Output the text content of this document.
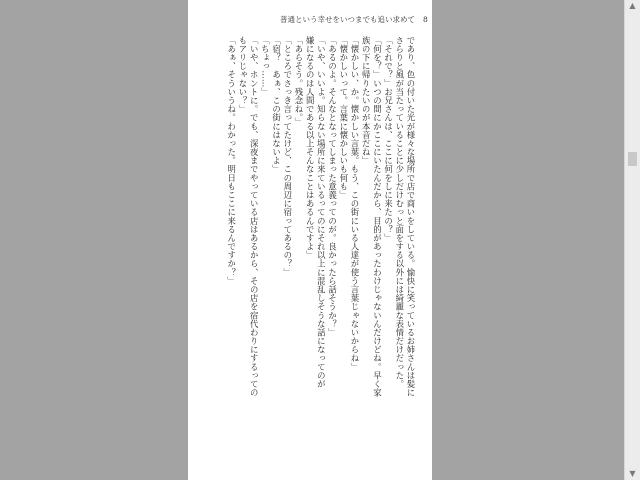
普通という幸せをいつまでも追い求めて 8

であり、色の付いた光が様々な場所で店で商いをしている。愉快に笑っているお姉さんは髪に

さらりと風が当たっていることに少しだけむっと面をする以外には綺麗な表情だけだった。

「それで？」お兄さんは、ここに何をしに来たの？」

「何を？」いつの間にかここにいたんだから、目的があったわけじゃないんだけどね。早く家

族の下に帰りたいのが本音だね」

「懐かしい、か。懐かしい言葉。もう、この街にいる人達が使う言葉じゃないからね」

「懐かしいって。言葉に懐かしいも何も」

「あるのよ。そんなとなってしまった意義ってのが。良かったら話そうか？」

「いや、いいよ。知らない場所に来ているってのにそれ以上に混乱しそうな話になってのが

嫌になるのは人間である以上そんなことはあるんですよ」

「あらそう。残念ね。」

「ところでさっき言ってたけど、この周辺に宿ってあるの？」

「宿？　あぁ、この街にはないよ」

「ちょっ……」

「いや、ホントに。でも、深夜までやっている店はあるから、その店を宿代わりにするっての

もアリじゃない？」

「あぁ、そういうね。わかった。明日もここに来るんですか？」

▲
▼
